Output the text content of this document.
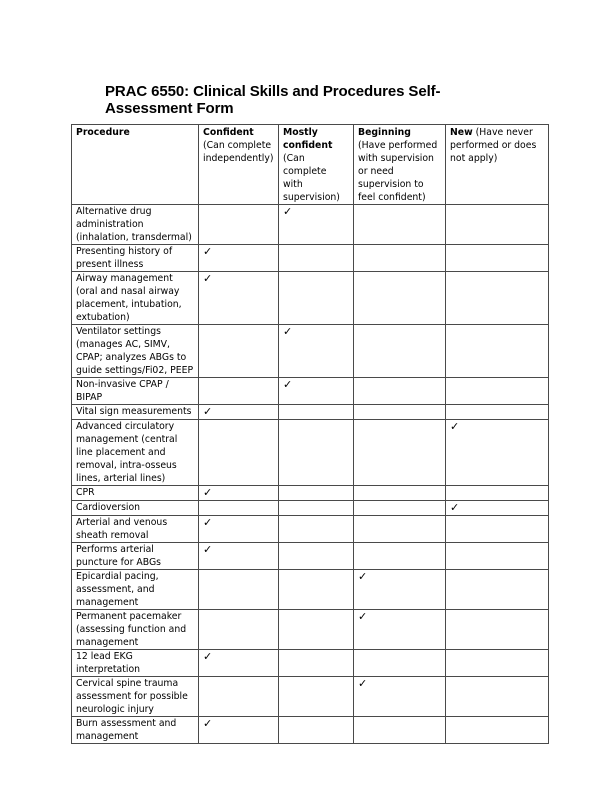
PRAC 6550: Clinical Skills and Procedures Self-Assessment Form
Procedure	Confident (Can complete independently)	Mostly confident (Can complete with supervision)	Beginning (Have performed with supervision or need supervision to feel confident)	New (Have never performed or does not apply)
Alternative drug administration (inhalation, transdermal)		✓		
Presenting history of present illness	✓			
Airway management (oral and nasal airway placement, intubation, extubation)	✓			
Ventilator settings (manages AC, SIMV, CPAP; analyzes ABGs to guide settings/Fi02, PEEP		✓		
Non-invasive CPAP / BIPAP		✓		
Vital sign measurements	✓			
Advanced circulatory management (central line placement and removal, intra-osseus lines, arterial lines)				✓
CPR	✓			
Cardioversion				✓
Arterial and venous sheath removal	✓			
Performs arterial puncture for ABGs	✓			
Epicardial pacing, assessment, and management			✓	
Permanent pacemaker (assessing function and management			✓	
12 lead EKG interpretation	✓			
Cervical spine trauma assessment for possible neurologic injury			✓	
Burn assessment and management	✓			
